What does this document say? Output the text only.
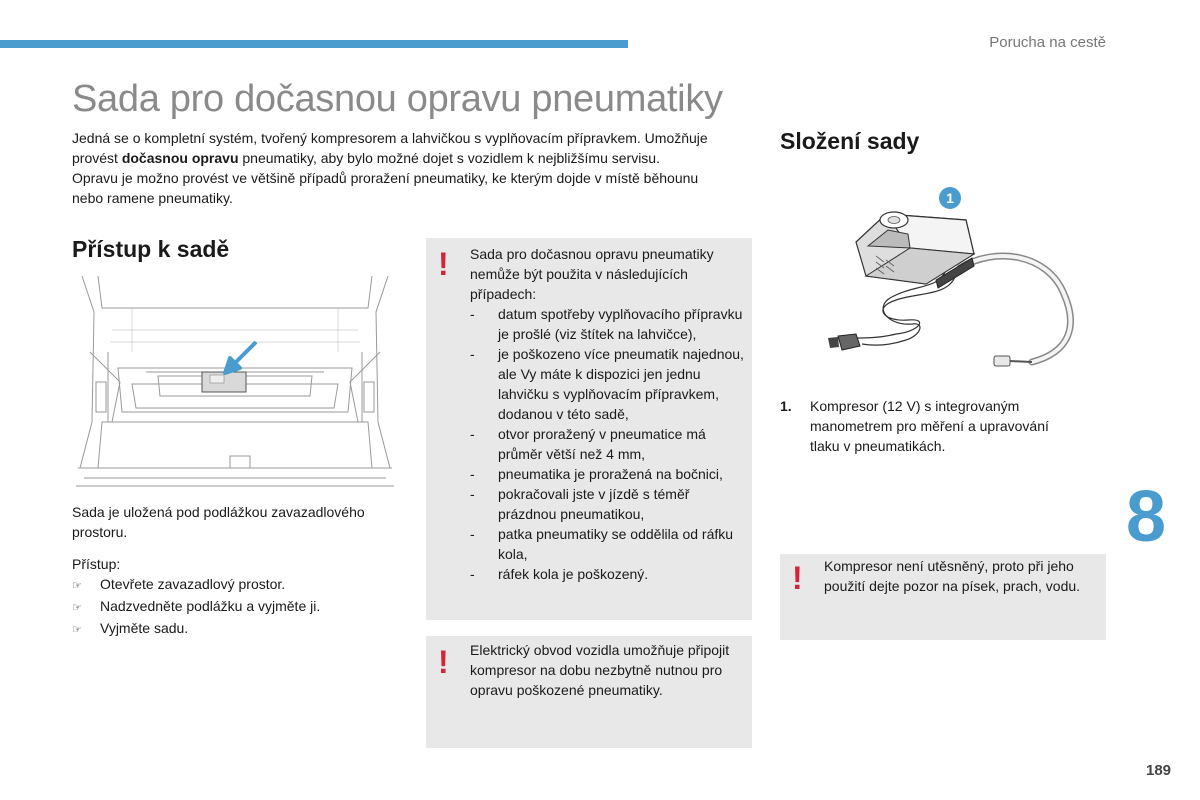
Porucha na cestě
Sada pro dočasnou opravu pneumatiky

Jedná se o kompletní systém, tvořený kompresorem a lahvičkou s vyplňovacím přípravkem. Umožňuje provést dočasnou opravu pneumatiky, aby bylo možné dojet s vozidlem k nejbližšímu servisu.

Opravu je možno provést ve většině případů proražení pneumatiky, ke kterým dojde v místě běhounu nebo ramene pneumatiky.

Přístup k sadě
Sada je uložená pod podlážkou zavazadlového prostoru.
Přístup:
☞	Otevřete zavazadlový prostor.
☞	Nadzvedněte podlážku a vyjměte ji.
☞	Vyjměte sadu.
! Sada pro dočasnou opravu pneumatiky nemůže být použita v následujících případech:
-	datum spotřeby vyplňovacího přípravku je prošlé (viz štítek na lahvičce),
-	je poškozeno více pneumatik najednou, ale Vy máte k dispozici jen jednu lahvičku s vyplňovacím přípravkem, dodanou v této sadě,
-	otvor proražený v pneumatice má průměr větší než 4 mm,
-	pneumatika je proražená na bočnici,
-	pokračovali jste v jízdě s téměř prázdnou pneumatikou,
-	patka pneumatiky se oddělila od ráfku kola,
-	ráfek kola je poškozený.
! Elektrický obvod vozidla umožňuje připojit kompresor na dobu nezbytně nutnou pro opravu poškozené pneumatiky.
Složení sady
1
1.	Kompresor (12 V) s integrovaným manometrem pro měření a upravování tlaku v pneumatikách.
! Kompresor není utěsněný, proto při jeho použití dejte pozor na písek, prach, vodu.
8
189
